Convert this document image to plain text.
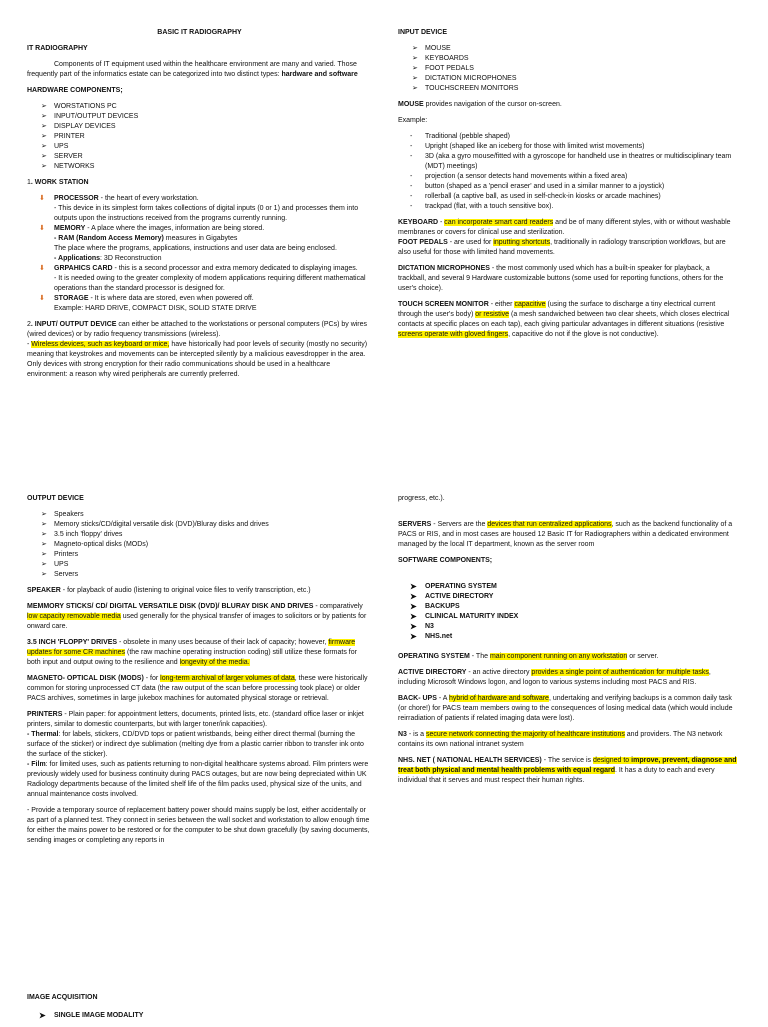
BASIC IT RADIOGRAPHY

IT RADIOGRAPHY

Components of IT equipment used within the healthcare environment are many and varied. Those frequently part of the informatics estate can be categorized into two distinct types: hardware and software

HARDWARE COMPONENTS;

➢ WORSTATIONS PC
➢ INPUT/OUTPUT DEVICES
➢ DISPLAY DEVICES
➢ PRINTER
➢ UPS
➢ SERVER
➢ NETWORKS

1. WORK STATION

⬇ PROCESSOR - the heart of every workstation.
- This device in its simplest form takes collections of digital inputs (0 or 1) and processes them into outputs upon the instructions received from the programs currently running.
⬇ MEMORY - A place where the images, information are being stored.
- RAM (Random Access Memory) measures in Gigabytes
The place where the programs, applications, instructions and user data are being enclosed.
- Applications: 3D Reconstruction
⬇ GRPAHICS CARD - this is a second processor and extra memory dedicated to displaying images.
- It is needed owing to the greater complexity of modern applications requiring different mathematical operations than the standard processor is designed for.
⬇ STORAGE - It is where data are stored, even when powered off.
Example: HARD DRIVE, COMPACT DISK, SOLID STATE DRIVE

2. INPUT/ OUTPUT DEVICE can either be attached to the workstations or personal computers (PCs) by wires (wired devices) or by radio frequency transmissions (wireless).
- Wireless devices, such as keyboard or mice, have historically had poor levels of security (mostly no security) meaning that keystrokes and movements can be intercepted silently by a malicious eavesdropper in the area. Only devices with strong encryption for their radio communications should be used in a healthcare environment: a reason why wired peripherals are currently preferred.

INPUT DEVICE

➢ MOUSE
➢ KEYBOARDS
➢ FOOT PEDALS
➢ DICTATION MICROPHONES
➢ TOUCHSCREEN MONITORS

MOUSE provides navigation of the cursor on-screen.

Example:

- Traditional (pebble shaped)
- Upright (shaped like an iceberg for those with limited wrist movements)
- 3D (aka a gyro mouse/fitted with a gyroscope for handheld use in theatres or multidisciplinary team (MDT) meetings)
- projection (a sensor detects hand movements within a fixed area)
- button (shaped as a 'pencil eraser' and used in a similar manner to a joystick)
- rollerball (a captive ball, as used in self-check-in kiosks or arcade machines)
- trackpad (flat, with a touch sensitive box).

KEYBOARD - can incorporate smart card readers and be of many different styles, with or without washable membranes or covers for clinical use and sterilization.

FOOT PEDALS - are used for inputting shortcuts, traditionally in radiology transcription workflows, but are also useful for those with limited hand movements.

DICTATION MICROPHONES - the most commonly used which has a built-in speaker for playback, a trackball, and several 9 Hardware customizable buttons (some used for reporting functions, others for the user's choice).

TOUCH SCREEN MONITOR - either capacitive (using the surface to discharge a tiny electrical current through the user's body) or resistive (a mesh sandwiched between two clear sheets, which closes electrical contacts at specific places on each tap), each giving particular advantages in different situations (resistive screens operate with gloved fingers, capacitive do not if the glove is not conductive).

OUTPUT DEVICE

➢ Speakers
➢ Memory sticks/CD/digital versatile disk (DVD)/Bluray disks and drives
➢ 3.5 inch 'floppy' drives
➢ Magneto-optical disks (MODs)
➢ Printers
➢ UPS
➢ Servers

SPEAKER - for playback of audio (listening to original voice files to verify transcription, etc.)

MEMMORY STICKS/ CD/ DIGITAL VERSATILE DISK (DVD)/ BLURAY DISK AND DRIVES - comparatively low capacity removable media used generally for the physical transfer of images to solicitors or by patients for onward care.

3.5 INCH 'FLOPPY' DRIVES - obsolete in many uses because of their lack of capacity; however, firmware updates for some CR machines (the raw machine operating instruction coding) still utilize these formats for both input and output owing to the resilience and longevity of the media.

MAGNETO- OPTICAL DISK (MODS) - for long-term archival of larger volumes of data, these were historically common for storing unprocessed CT data (the raw output of the scan before processing took place) or older PACS archives, sometimes in large jukebox machines for automated physical storage or retrieval.

PRINTERS - Plain paper: for appointment letters, documents, printed lists, etc. (standard office laser or inkjet printers, similar to domestic counterparts, but with larger toner/ink capacities).
- Thermal: for labels, stickers, CD/DVD tops or patient wristbands, being either direct thermal (burning the surface of the sticker) or indirect dye sublimation (melting dye from a plastic carrier ribbon to transfer ink onto the surface of the sticker).
- Film: for limited uses, such as patients returning to non-digital healthcare systems abroad. Film printers were previously widely used for business continuity during PACS outages, but are now being depreciated within UK Radiology departments because of the limited shelf life of the film packs used, physical size of the units, and annual maintenance costs involved.

- Provide a temporary source of replacement battery power should mains supply be lost, either accidentally or as part of a planned test. They connect in series between the wall socket and workstation to allow enough time for either the mains power to be restored or for the computer to be shut down gracefully (by saving documents, sending images or completing any reports in

progress, etc.).

SERVERS - Servers are the devices that run centralized applications, such as the backend functionality of a PACS or RIS, and in most cases are housed 12 Basic IT for Radiographers within a dedicated environment managed by the local IT department, known as the server room

SOFTWARE COMPONENTS;

➤ OPERATING SYSTEM
➤ ACTIVE DIRECTORY
➤ BACKUPS
➤ CLINICAL MATURITY INDEX
➤ N3
➤ NHS.net

OPERATING SYSTEM - The main component running on any workstation or server.

ACTIVE DIRECTORY - an active directory provides a single point of authentication for multiple tasks, including Microsoft Windows logon, and logon to various systems including most PACS and RIS.

BACK- UPS - A hybrid of hardware and software, undertaking and verifying backups is a common daily task (or chore!) for PACS team members owing to the consequences of losing medical data (which would include reirradiation of patients if related imaging data were lost).

N3 - is a secure network connecting the majority of healthcare institutions and providers. The N3 network contains its own national intranet system

NHS. NET ( NATIONAL HEALTH SERVICES) - The service is designed to improve, prevent, diagnose and treat both physical and mental health problems with equal regard. It has a duty to each and every individual that it serves and must respect their human rights.

IMAGE ACQUISITION

➤ SINGLE IMAGE MODALITY
